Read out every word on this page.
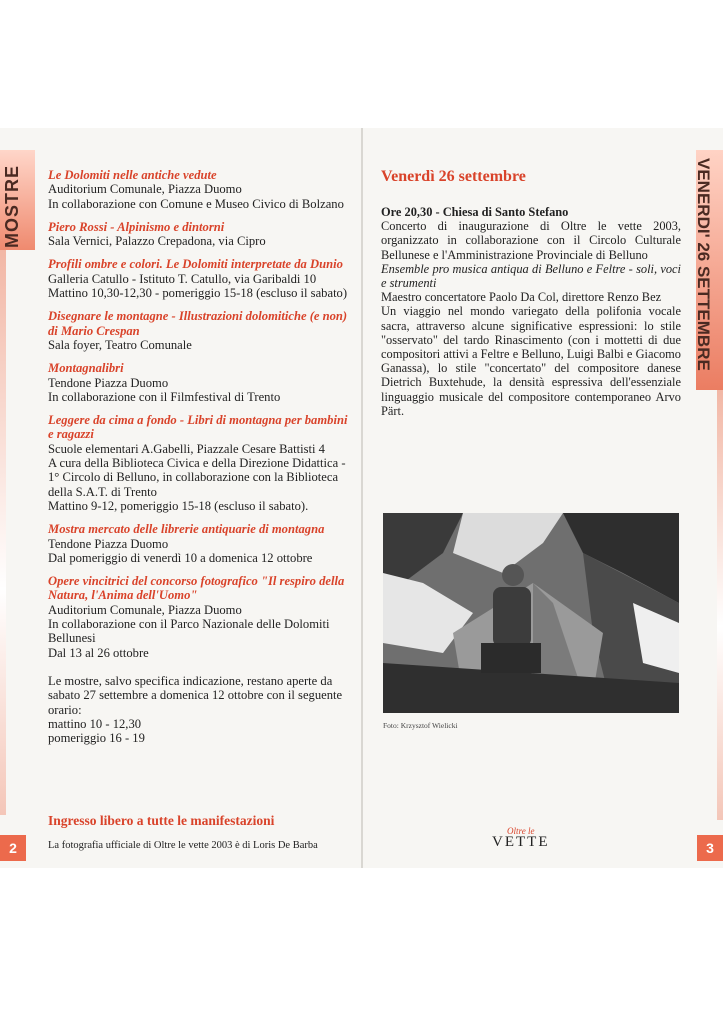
MOSTRE	VENERDI' 26 SETTEMBRE
2	3
Le Dolomiti nelle antiche vedute
Auditorium Comunale, Piazza Duomo
In collaborazione con Comune e Museo Civico di Bolzano
Piero Rossi - Alpinismo e dintorni
Sala Vernici, Palazzo Crepadona, via Cipro
Profili ombre e colori. Le Dolomiti interpretate da Dunio
Galleria Catullo - Istituto T. Catullo, via Garibaldi 10
Mattino 10,30-12,30 - pomeriggio 15-18 (escluso il sabato)
Disegnare le montagne - Illustrazioni dolomitiche (e non) di Mario Crespan
Sala foyer, Teatro Comunale
Montagnalibri
Tendone Piazza Duomo
In collaborazione con il Filmfestival di Trento
Leggere da cima a fondo - Libri di montagna per bambini e ragazzi
Scuole elementari A.Gabelli, Piazzale Cesare Battisti 4
A cura della Biblioteca Civica e della Direzione Didattica - 1° Circolo di Belluno, in collaborazione con la Biblioteca della S.A.T. di Trento
Mattino 9-12, pomeriggio 15-18 (escluso il sabato).
Mostra mercato delle librerie antiquarie di montagna
Tendone Piazza Duomo
Dal pomeriggio di venerdì 10 a domenica 12 ottobre
Opere vincitrici del concorso fotografico "Il respiro della Natura, l'Anima dell'Uomo"
Auditorium Comunale, Piazza Duomo
In collaborazione con il Parco Nazionale delle Dolomiti Bellunesi
Dal 13 al 26 ottobre
Le mostre, salvo specifica indicazione, restano aperte da sabato 27 settembre a domenica 12 ottobre con il seguente orario:
mattino 10 - 12,30
pomeriggio 16 - 19
Ingresso libero a tutte le manifestazioni
La fotografia ufficiale di Oltre le vette 2003 è di Loris De Barba
Venerdì 26 settembre
Ore 20,30 - Chiesa di Santo Stefano
Concerto di inaugurazione di Oltre le vette 2003, organizzato in collaborazione con il Circolo Culturale Bellunese e l'Amministrazione Provinciale di Belluno
Ensemble pro musica antiqua di Belluno e Feltre - soli, voci e strumenti
Maestro concertatore Paolo Da Col, direttore Renzo Bez
Un viaggio nel mondo variegato della polifonia vocale sacra, attraverso alcune significative espressioni: lo stile "osservato" del tardo Rinascimento (con i mottetti di due compositori attivi a Feltre e Belluno, Luigi Balbi e Giacomo Ganassa), lo stile "concertato" del compositore danese Dietrich Buxtehude, la densità espressiva dell'essenziale linguaggio musicale del compositore contemporaneo Arvo Pärt.
Foto: Krzysztof Wielicki
Oltre le
VETTE
